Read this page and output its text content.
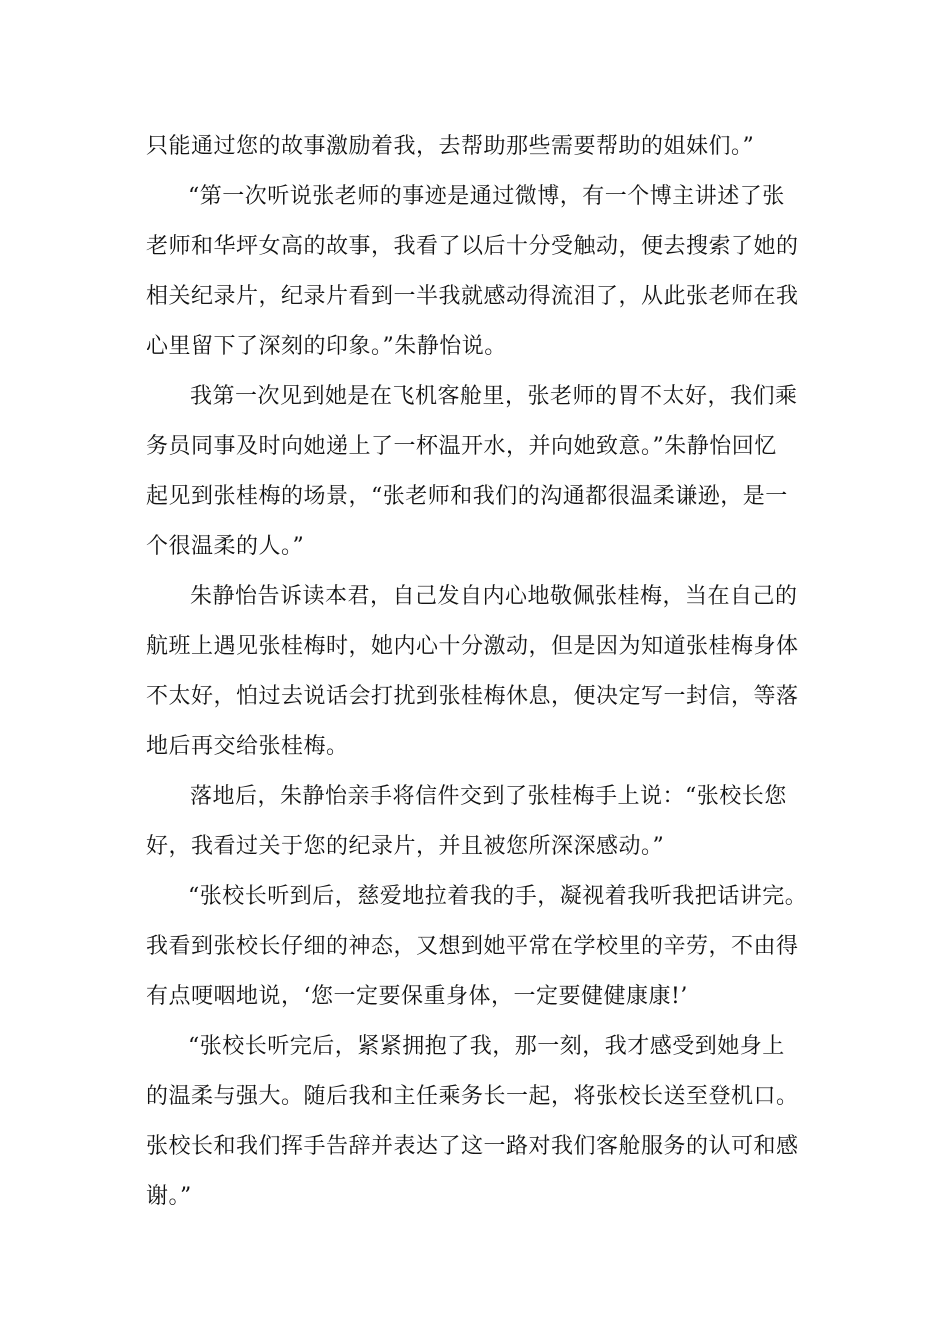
只能通过您的故事激励着我，去帮助那些需要帮助的姐妹们。”
“第一次听说张老师的事迹是通过微博，有一个博主讲述了张
老师和华坪女高的故事，我看了以后十分受触动，便去搜索了她的
相关纪录片，纪录片看到一半我就感动得流泪了，从此张老师在我
心里留下了深刻的印象。”朱静怡说。
我第一次见到她是在飞机客舱里，张老师的胃不太好，我们乘
务员同事及时向她递上了一杯温开水，并向她致意。”朱静怡回忆
起见到张桂梅的场景，“张老师和我们的沟通都很温柔谦逊，是一
个很温柔的人。”
朱静怡告诉读本君，自己发自内心地敬佩张桂梅，当在自己的
航班上遇见张桂梅时，她内心十分激动，但是因为知道张桂梅身体
不太好，怕过去说话会打扰到张桂梅休息，便决定写一封信，等落
地后再交给张桂梅。
落地后，朱静怡亲手将信件交到了张桂梅手上说：“张校长您
好，我看过关于您的纪录片，并且被您所深深感动。”
“张校长听到后，慈爱地拉着我的手，凝视着我听我把话讲完。
我看到张校长仔细的神态，又想到她平常在学校里的辛劳，不由得
有点哽咽地说，‘您一定要保重身体，一定要健健康康!’
“张校长听完后，紧紧拥抱了我，那一刻，我才感受到她身上
的温柔与强大。随后我和主任乘务长一起，将张校长送至登机口。
张校长和我们挥手告辞并表达了这一路对我们客舱服务的认可和感
谢。”
